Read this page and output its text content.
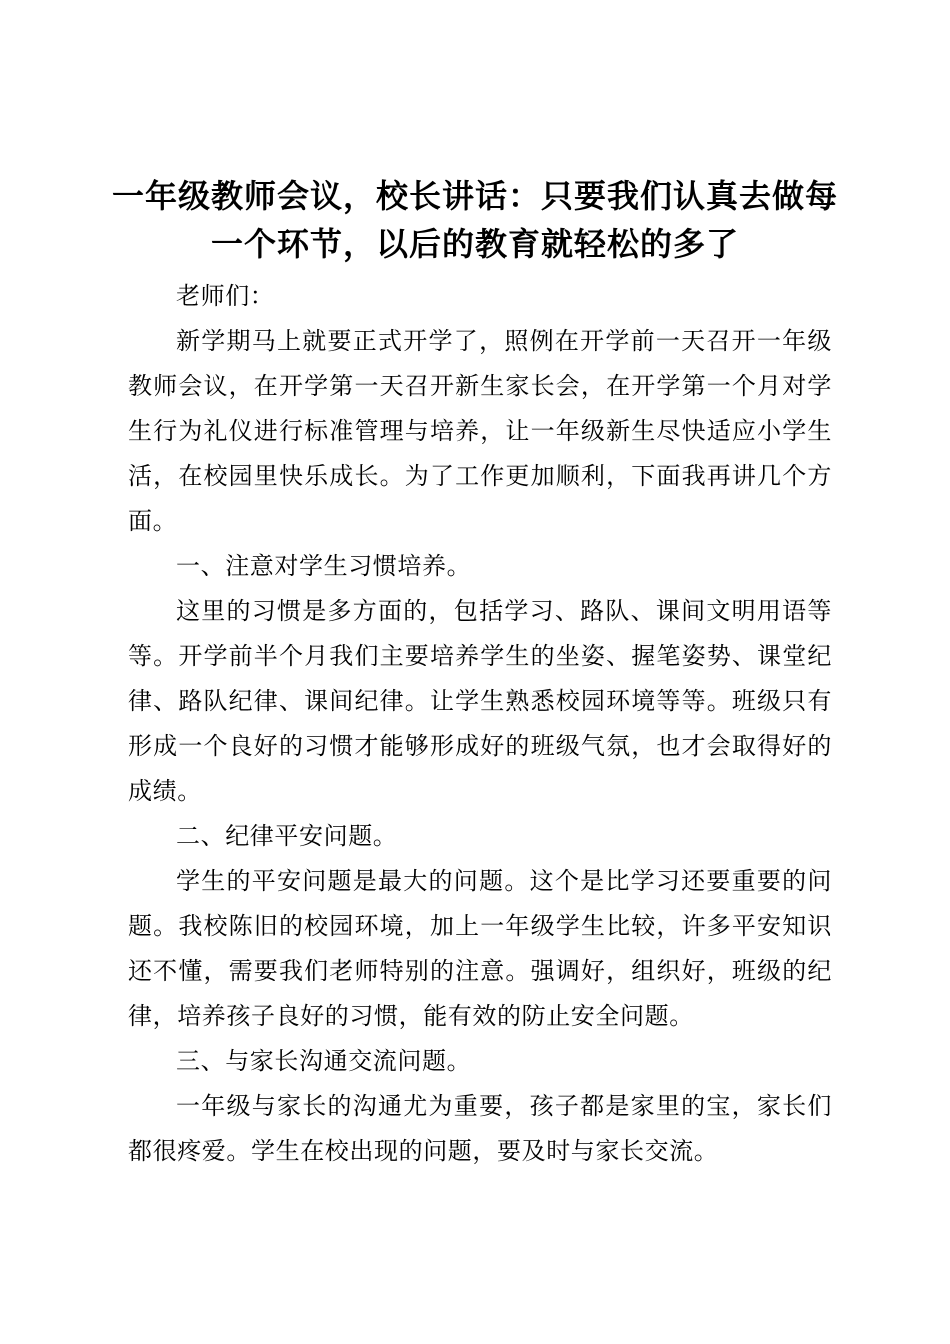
一年级教师会议，校长讲话：只要我们认真去做每一个环节，以后的教育就轻松的多了

老师们：

新学期马上就要正式开学了，照例在开学前一天召开一年级教师会议，在开学第一天召开新生家长会，在开学第一个月对学生行为礼仪进行标准管理与培养，让一年级新生尽快适应小学生活，在校园里快乐成长。为了工作更加顺利，下面我再讲几个方面。

一、注意对学生习惯培养。

这里的习惯是多方面的，包括学习、路队、课间文明用语等等。开学前半个月我们主要培养学生的坐姿、握笔姿势、课堂纪律、路队纪律、课间纪律。让学生熟悉校园环境等等。班级只有形成一个良好的习惯才能够形成好的班级气氛，也才会取得好的成绩。

二、纪律平安问题。

学生的平安问题是最大的问题。这个是比学习还要重要的问题。我校陈旧的校园环境，加上一年级学生比较，许多平安知识还不懂，需要我们老师特别的注意。强调好，组织好，班级的纪律，培养孩子良好的习惯，能有效的防止安全问题。

三、与家长沟通交流问题。

一年级与家长的沟通尤为重要，孩子都是家里的宝，家长们都很疼爱。学生在校出现的问题，要及时与家长交流。
